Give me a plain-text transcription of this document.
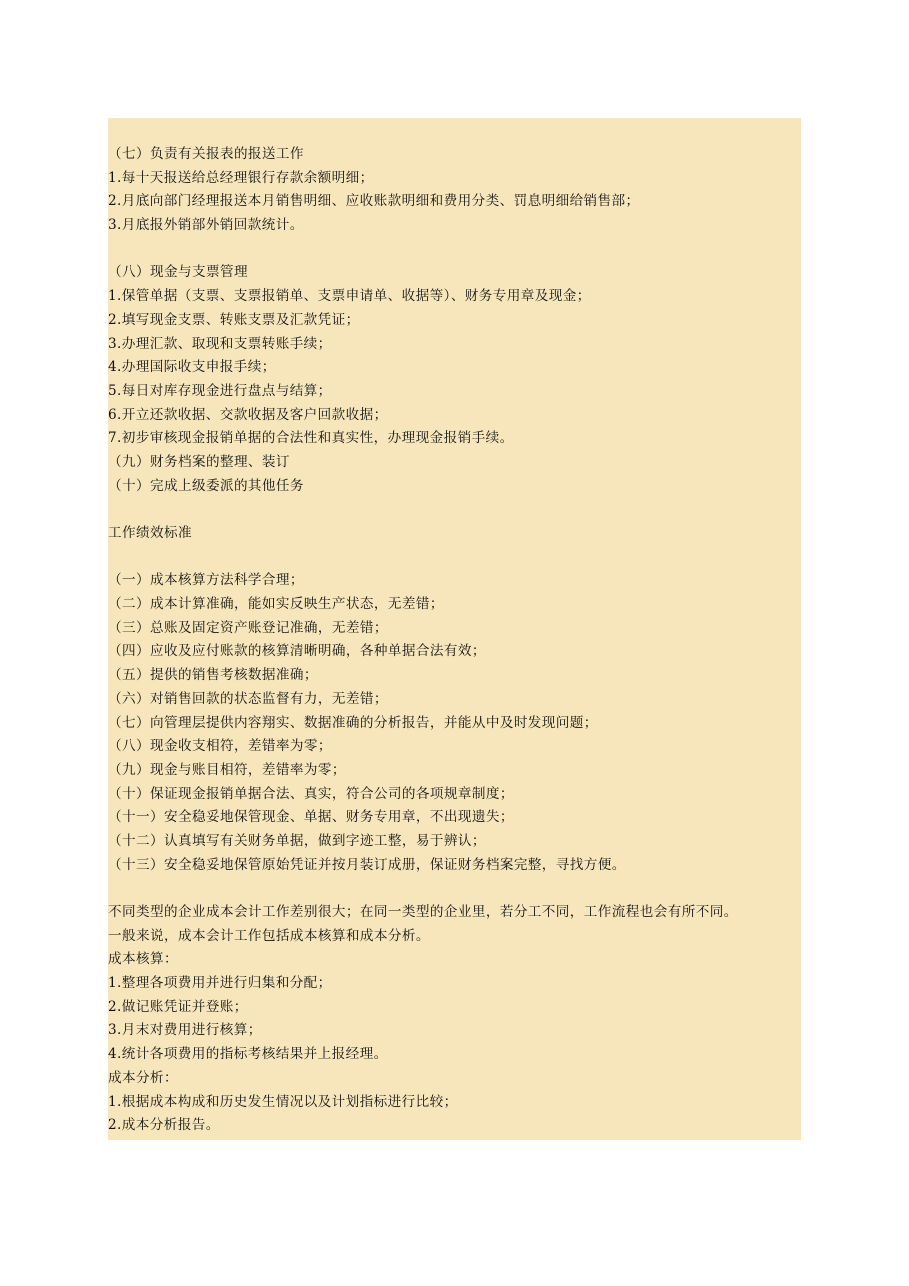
（七）负责有关报表的报送工作
1.每十天报送给总经理银行存款余额明细；
2.月底向部门经理报送本月销售明细、应收账款明细和费用分类、罚息明细给销售部；
3.月底报外销部外销回款统计。
（八）现金与支票管理
1.保管单据（支票、支票报销单、支票申请单、收据等）、财务专用章及现金；
2.填写现金支票、转账支票及汇款凭证；
3.办理汇款、取现和支票转账手续；
4.办理国际收支申报手续；
5.每日对库存现金进行盘点与结算；
6.开立还款收据、交款收据及客户回款收据；
7.初步审核现金报销单据的合法性和真实性，办理现金报销手续。
（九）财务档案的整理、装订
（十）完成上级委派的其他任务
工作绩效标准
（一）成本核算方法科学合理；
（二）成本计算准确，能如实反映生产状态，无差错；
（三）总账及固定资产账登记准确，无差错；
（四）应收及应付账款的核算清晰明确，各种单据合法有效；
（五）提供的销售考核数据准确；
（六）对销售回款的状态监督有力，无差错；
（七）向管理层提供内容翔实、数据准确的分析报告，并能从中及时发现问题；
（八）现金收支相符，差错率为零；
（九）现金与账目相符，差错率为零；
（十）保证现金报销单据合法、真实，符合公司的各项规章制度；
（十一）安全稳妥地保管现金、单据、财务专用章，不出现遗失；
（十二）认真填写有关财务单据，做到字迹工整，易于辨认；
（十三）安全稳妥地保管原始凭证并按月装订成册，保证财务档案完整，寻找方便。
不同类型的企业成本会计工作差别很大；在同一类型的企业里，若分工不同，工作流程也会有所不同。
一般来说，成本会计工作包括成本核算和成本分析。
成本核算：
1.整理各项费用并进行归集和分配；
2.做记账凭证并登账；
3.月末对费用进行核算；
4.统计各项费用的指标考核结果并上报经理。
成本分析：
1.根据成本构成和历史发生情况以及计划指标进行比较；
2.成本分析报告。
